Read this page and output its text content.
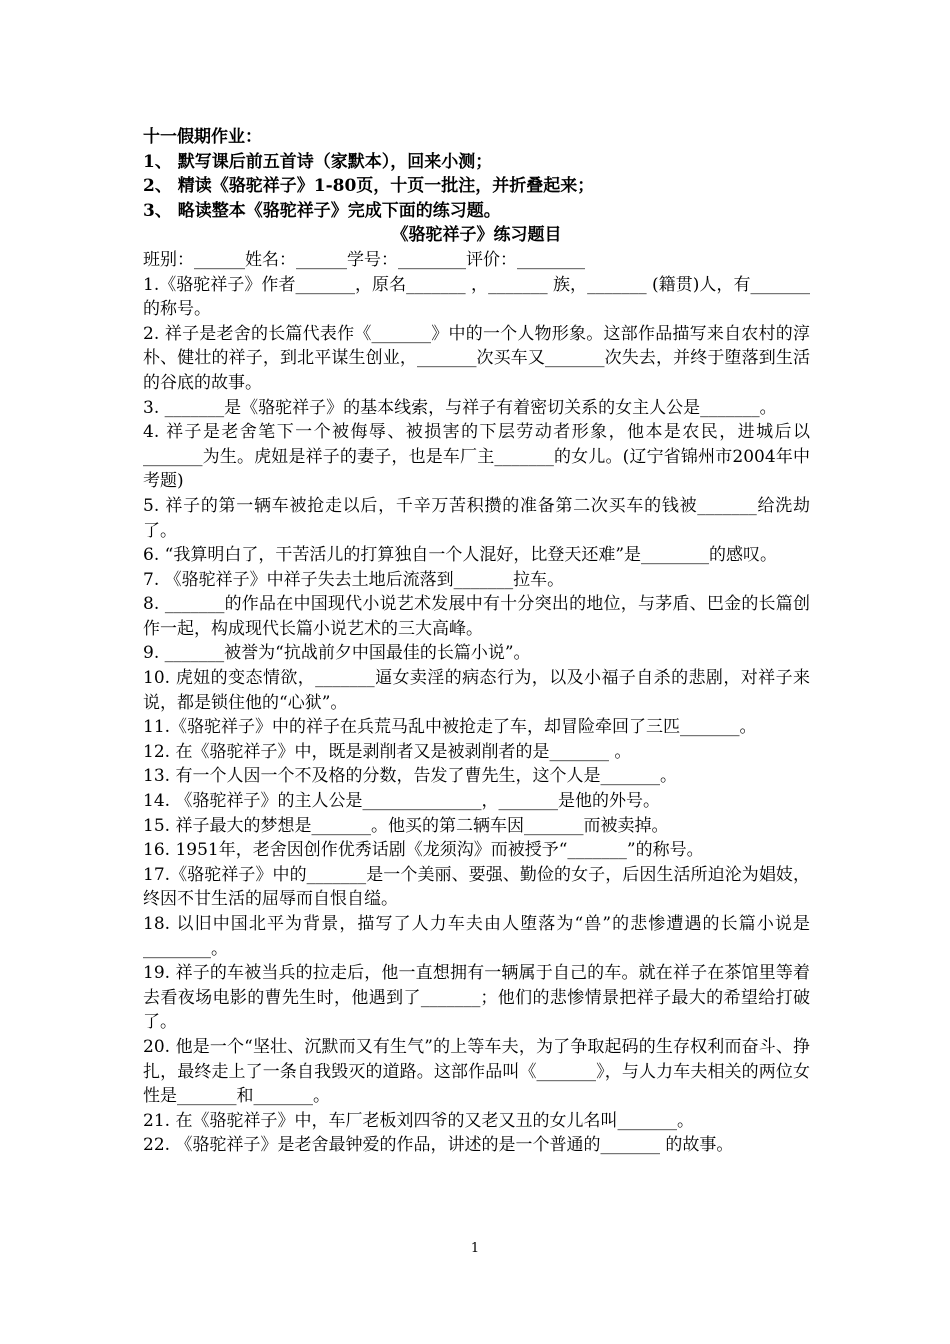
十一假期作业：
1、 默写课后前五首诗（家默本），回来小测；
2、 精读《骆驼祥子》1-80页，十页一批注，并折叠起来；
3、 略读整本《骆驼祥子》完成下面的练习题。
《骆驼祥子》练习题目
班别：______姓名：______学号：________评价：________
1.《骆驼祥子》作者_______，原名_______ ，_______ 族，_______ (籍贯)人，有_______的称号。
2. 祥子是老舍的长篇代表作《_______》中的一个人物形象。这部作品描写来自农村的淳朴、健壮的祥子，到北平谋生创业，_______次买车又_______次失去，并终于堕落到生活的谷底的故事。
3. _______是《骆驼祥子》的基本线索，与祥子有着密切关系的女主人公是_______。
4. 祥子是老舍笔下一个被侮辱、被损害的下层劳动者形象，他本是农民，进城后以_______为生。虎妞是祥子的妻子，也是车厂主_______的女儿。(辽宁省锦州市2004年中考题)
5. 祥子的第一辆车被抢走以后，千辛万苦积攒的准备第二次买车的钱被_______给洗劫了。
6. “我算明白了，干苦活儿的打算独自一个人混好，比登天还难”是________的感叹。
7. 《骆驼祥子》中祥子失去土地后流落到_______拉车。
8. _______的作品在中国现代小说艺术发展中有十分突出的地位，与茅盾、巴金的长篇创作一起，构成现代长篇小说艺术的三大高峰。
9. _______被誉为“抗战前夕中国最佳的长篇小说”。
10. 虎妞的变态情欲，_______逼女卖淫的病态行为，以及小福子自杀的悲剧，对祥子来说，都是锁住他的“心狱”。
11.《骆驼祥子》中的祥子在兵荒马乱中被抢走了车，却冒险牵回了三匹_______。
12. 在《骆驼祥子》中，既是剥削者又是被剥削者的是_______ 。
13. 有一个人因一个不及格的分数，告发了曹先生，这个人是_______。
14. 《骆驼祥子》的主人公是______________，_______是他的外号。
15. 祥子最大的梦想是_______。他买的第二辆车因_______而被卖掉。
16. 1951年，老舍因创作优秀话剧《龙须沟》而被授予“_______”的称号。
17.《骆驼祥子》中的_______是一个美丽、要强、勤俭的女子，后因生活所迫沦为娼妓，终因不甘生活的屈辱而自恨自缢。
18. 以旧中国北平为背景，描写了人力车夫由人堕落为“兽”的悲惨遭遇的长篇小说是________。
19. 祥子的车被当兵的拉走后，他一直想拥有一辆属于自己的车。就在祥子在茶馆里等着去看夜场电影的曹先生时，他遇到了_______；他们的悲惨情景把祥子最大的希望给打破了。
20. 他是一个“坚壮、沉默而又有生气”的上等车夫，为了争取起码的生存权利而奋斗、挣扎，最终走上了一条自我毁灭的道路。这部作品叫《_______》，与人力车夫相关的两位女性是_______和_______。
21. 在《骆驼祥子》中，车厂老板刘四爷的又老又丑的女儿名叫_______。
22. 《骆驼祥子》是老舍最钟爱的作品，讲述的是一个普通的_______ 的故事。
1
